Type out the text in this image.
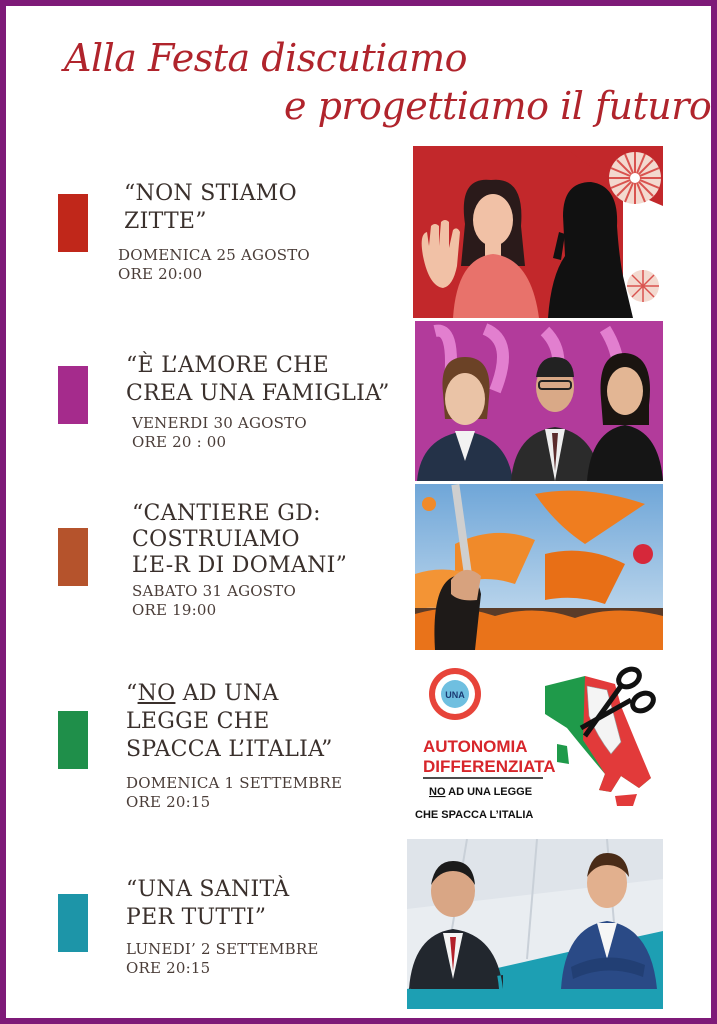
Alla Festa discutiamo
e progettiamo il futuro
“NON STIAMO
ZITTE”
DOMENICA 25 AGOSTO
ORE 20:00
“È L’AMORE CHE
CREA UNA FAMIGLIA”
VENERDI 30 AGOSTO
ORE 20 : 00
“CANTIERE GD:
COSTRUIAMO
L’E-R DI DOMANI”
SABATO 31 AGOSTO
ORE 19:00
“NO AD UNA
LEGGE CHE
SPACCA L’ITALIA”
DOMENICA 1 SETTEMBRE
ORE 20:15
“UNA SANITÀ
PER TUTTI”
LUNEDI’ 2 SETTEMBRE
ORE 20:15
UNA
AUTONOMIA
DIFFERENZIATA
NO AD UNA LEGGE
CHE SPACCA L’ITALIA
